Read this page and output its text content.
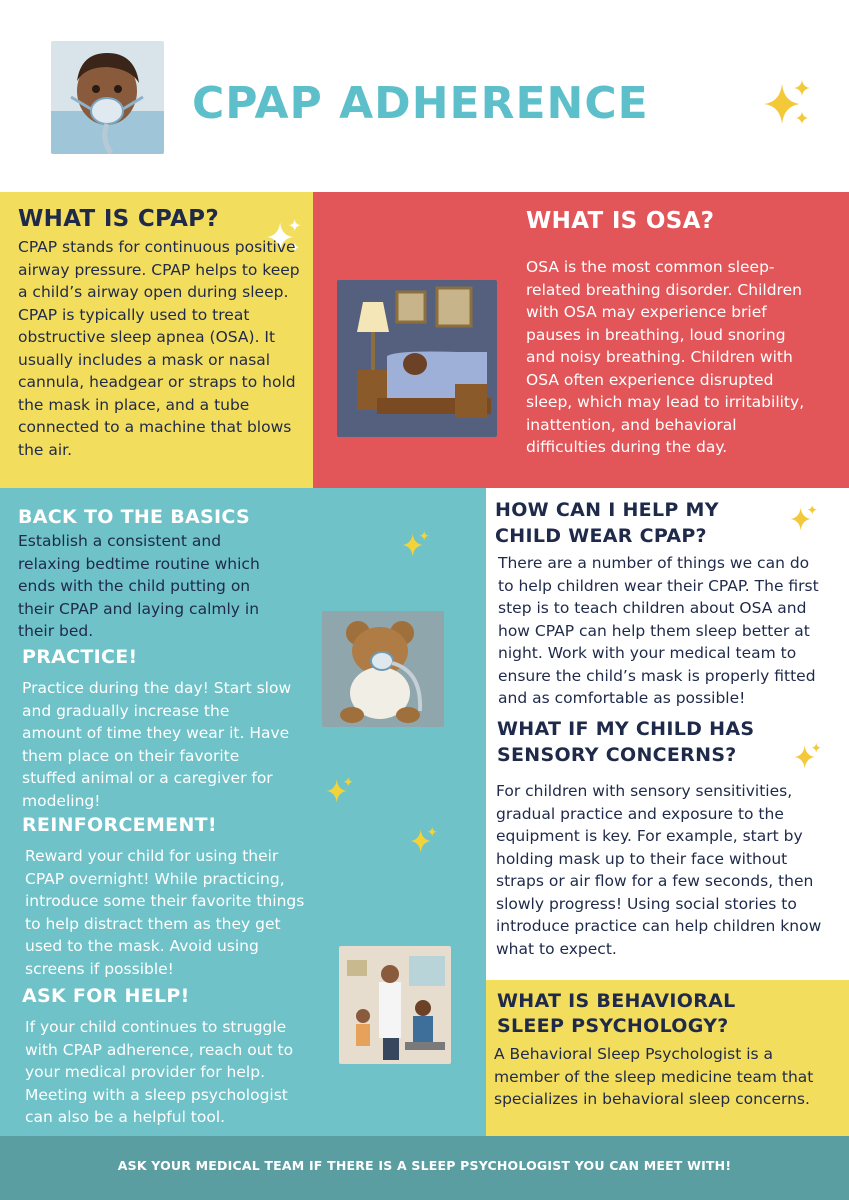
CPAP ADHERENCE
WHAT IS CPAP?
CPAP stands for continuous positive airway pressure. CPAP helps to keep a child’s airway open during sleep. CPAP is typically used to treat obstructive sleep apnea (OSA). It usually includes a mask or nasal cannula, headgear or straps to hold the mask in place, and a tube connected to a machine that blows the air.
WHAT IS OSA?
OSA is the most common sleep-related breathing disorder. Children with OSA may experience brief pauses in breathing, loud snoring and noisy breathing. Children with OSA often experience disrupted sleep, which may lead to irritability, inattention, and behavioral difficulties during the day.
BACK TO THE BASICS
Establish a consistent and relaxing bedtime routine which ends with the child putting on their CPAP and laying calmly in their bed.
PRACTICE!
Practice during the day! Start slow and gradually increase the amount of time they wear it. Have them place on their favorite stuffed animal or a caregiver for modeling!
REINFORCEMENT!
Reward your child for using their CPAP overnight! While practicing, introduce some their favorite things to help distract them as they get used to the mask. Avoid using screens if possible!
ASK FOR HELP!
If your child continues to struggle with CPAP adherence, reach out to your medical provider for help. Meeting with a sleep psychologist can also be a helpful tool.
HOW CAN I HELP MY
CHILD WEAR CPAP?
There are a number of things we can do to help children wear their CPAP. The first step is to teach children about OSA and how CPAP can help them sleep better at night. Work with your medical team to ensure the child’s mask is properly fitted and as comfortable as possible!
WHAT IF MY CHILD HAS
SENSORY CONCERNS?
For children with sensory sensitivities, gradual practice and exposure to the equipment is key. For example, start by holding mask up to their face without straps or air flow for a few seconds, then slowly progress! Using social stories to introduce practice can help children know what to expect.
WHAT IS BEHAVIORAL
SLEEP PSYCHOLOGY?
A Behavioral Sleep Psychologist is a member of the sleep medicine team that specializes in behavioral sleep concerns.
ASK YOUR MEDICAL TEAM IF THERE IS A SLEEP PSYCHOLOGIST YOU CAN MEET WITH!
